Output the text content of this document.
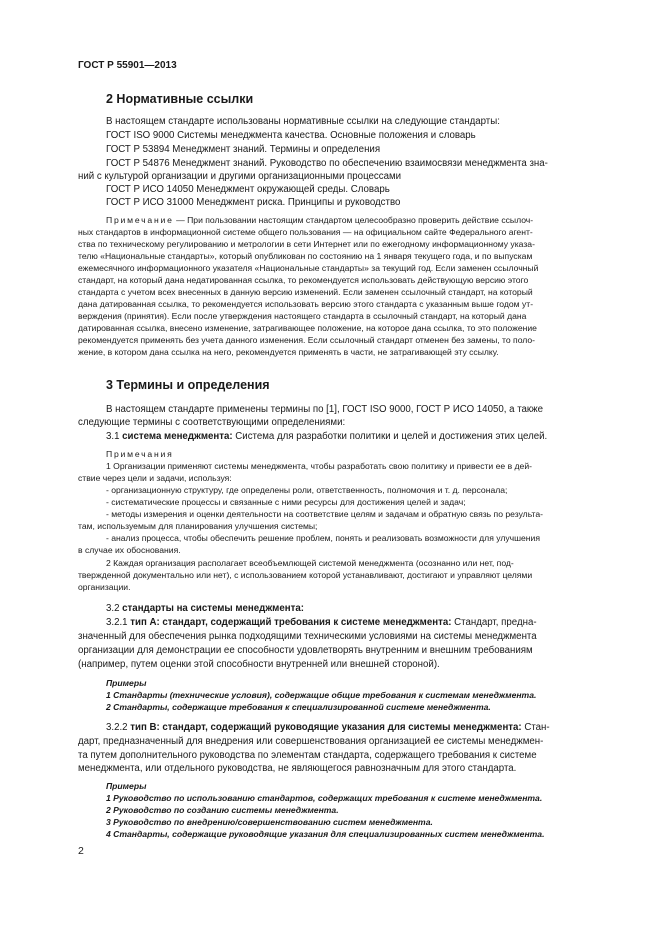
ГОСТ Р 55901—2013
2 Нормативные ссылки
В настоящем стандарте использованы нормативные ссылки на следующие стандарты:
ГОСТ ISO 9000 Системы менеджмента качества. Основные положения и словарь
ГОСТ Р 53894 Менеджмент знаний. Термины и определения
ГОСТ Р 54876 Менеджмент знаний. Руководство по обеспечению взаимосвязи менеджмента зна-
ний с культурой организации и другими организационными процессами
ГОСТ Р ИСО 14050 Менеджмент окружающей среды. Словарь
ГОСТ Р ИСО 31000 Менеджмент риска. Принципы и руководство
Примечание — При пользовании настоящим стандартом целесообразно проверить действие ссылоч-
ных стандартов в информационной системе общего пользования — на официальном сайте Федерального агент-
ства по техническому регулированию и метрологии в сети Интернет или по ежегодному информационному указа-
телю «Национальные стандарты», который опубликован по состоянию на 1 января текущего года, и по выпускам
ежемесячного информационного указателя «Национальные стандарты» за текущий год. Если заменен ссылочный
стандарт, на который дана недатированная ссылка, то рекомендуется использовать действующую версию этого
стандарта с учетом всех внесенных в данную версию изменений. Если заменен ссылочный стандарт, на который
дана датированная ссылка, то рекомендуется использовать версию этого стандарта с указанным выше годом ут-
верждения (принятия). Если после утверждения настоящего стандарта в ссылочный стандарт, на который дана
датированная ссылка, внесено изменение, затрагивающее положение, на которое дана ссылка, то это положение
рекомендуется применять без учета данного изменения. Если ссылочный стандарт отменен без замены, то поло-
жение, в котором дана ссылка на него, рекомендуется применять в части, не затрагивающей эту ссылку.
3 Термины и определения
В настоящем стандарте применены термины по [1], ГОСТ ISO 9000, ГОСТ Р ИСО 14050, а также
следующие термины с соответствующими определениями:
3.1 система менеджмента: Система для разработки политики и целей и достижения этих целей.
Примечания
1 Организации применяют системы менеджмента, чтобы разработать свою политику и привести ее в дей-
ствие через цели и задачи, используя:
- организационную структуру, где определены роли, ответственность, полномочия и т. д. персонала;
- систематические процессы и связанные с ними ресурсы для достижения целей и задач;
- методы измерения и оценки деятельности на соответствие целям и задачам и обратную связь по результа-
там, используемым для планирования улучшения системы;
- анализ процесса, чтобы обеспечить решение проблем, понять и реализовать возможности для улучшения
в случае их обоснования.
2 Каждая организация располагает всеобъемлющей системой менеджмента (осознанно или нет, под-
твержденной документально или нет), с использованием которой устанавливают, достигают и управляют целями
организации.
3.2 стандарты на системы менеджмента:
3.2.1 тип А: стандарт, содержащий требования к системе менеджмента: Стандарт, предна-
значенный для обеспечения рынка подходящими техническими условиями на системы менеджмента
организации для демонстрации ее способности удовлетворять внутренним и внешним требованиям
(например, путем оценки этой способности внутренней или внешней стороной).
Примеры
1 Стандарты (технические условия), содержащие общие требования к системам менеджмента.
2 Стандарты, содержащие требования к специализированной системе менеджмента.
3.2.2 тип В: стандарт, содержащий руководящие указания для системы менеджмента: Стан-
дарт, предназначенный для внедрения или совершенствования организацией ее системы менеджмен-
та путем дополнительного руководства по элементам стандарта, содержащего требования к системе
менеджмента, или отдельного руководства, не являющегося равнозначным для этого стандарта.
Примеры
1 Руководство по использованию стандартов, содержащих требования к системе менеджмента.
2 Руководство по созданию системы менеджмента.
3 Руководство по внедрению/совершенствованию систем менеджмента.
4 Стандарты, содержащие руководящие указания для специализированных систем менеджмента.
2
